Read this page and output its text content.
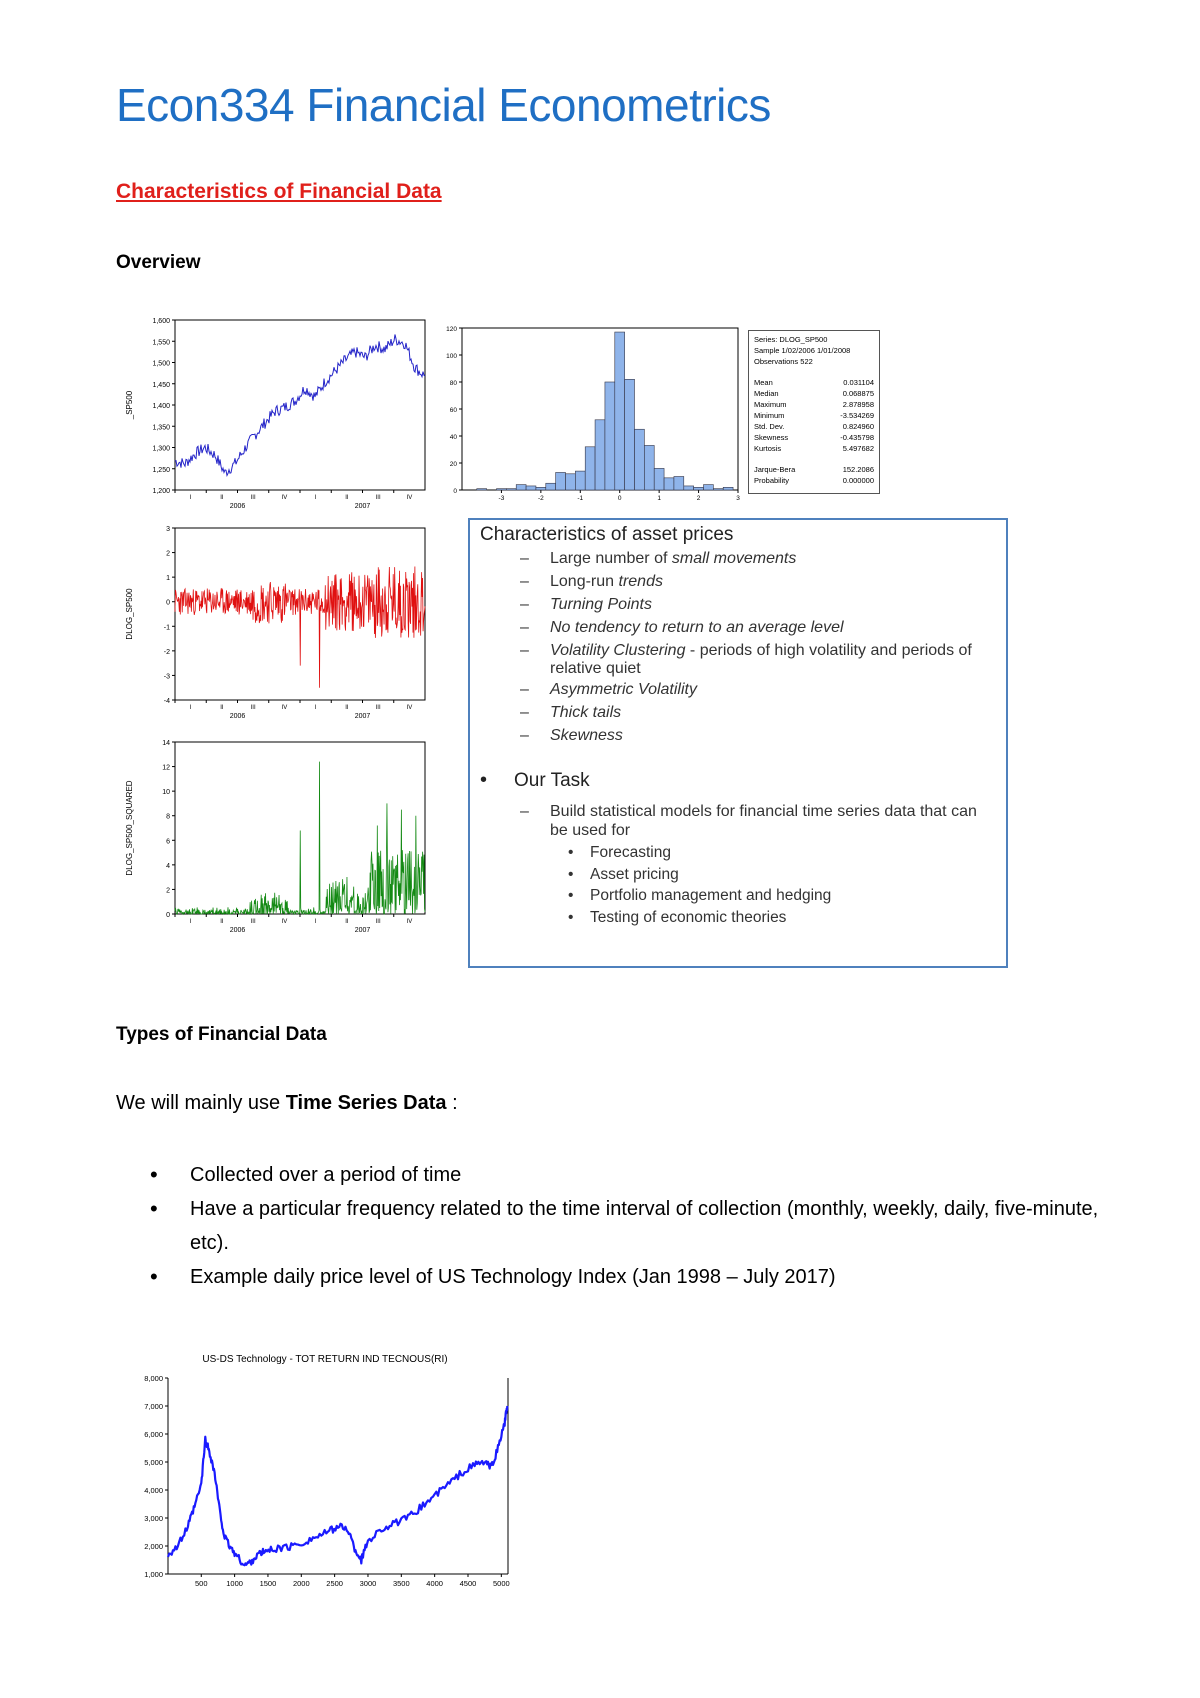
Econ334 Financial Econometrics
Characteristics of Financial Data
Overview
1,200
1,250
1,300
1,350
1,400
1,450
1,500
1,550
1,600
_SP500
I	II	III	IV	I	II	III	IV
2006	2007
-4
-3
-2
-1
0
1
2
3
DLOG_SP500
I	II	III	IV	I	II	III	IV
2006	2007
0
2
4
6
8
10
12
14
DLOG_SP500_SQUARED
I	II	III	IV	I	II	III	IV
2006	2007
0
20
40
60
80
100
120
-3	-2	-1	0	1	2	3
Series: DLOG_SP500
Sample 1/02/2006 1/01/2008
Observations 522
Mean	0.031104
Median	0.068875
Maximum	2.878958
Minimum	-3.534269
Std. Dev.	0.824960
Skewness	-0.435798
Kurtosis	5.497682
Jarque-Bera	152.2086
Probability	0.000000
Characteristics of asset prices
– Large number of small movements
– Long-run trends
– Turning Points
– No tendency to return to an average level
– Volatility Clustering - periods of high volatility and periods of relative quiet
– Asymmetric Volatility
– Thick tails
– Skewness
• Our Task
– Build statistical models for financial time series data that can be used for
• Forecasting
• Asset pricing
• Portfolio management and hedging
• Testing of economic theories
Types of Financial Data
We will mainly use Time Series Data :
• Collected over a period of time
• Have a particular frequency related to the time interval of collection (monthly, weekly, daily, five-minute, etc).
• Example daily price level of US Technology Index (Jan 1998 – July 2017)
US-DS Technology - TOT RETURN IND TECNOUS(RI)
1,000
2,000
3,000
4,000
5,000
6,000
7,000
8,000
500 1000 1500 2000 2500 3000 3500 4000 4500 5000
